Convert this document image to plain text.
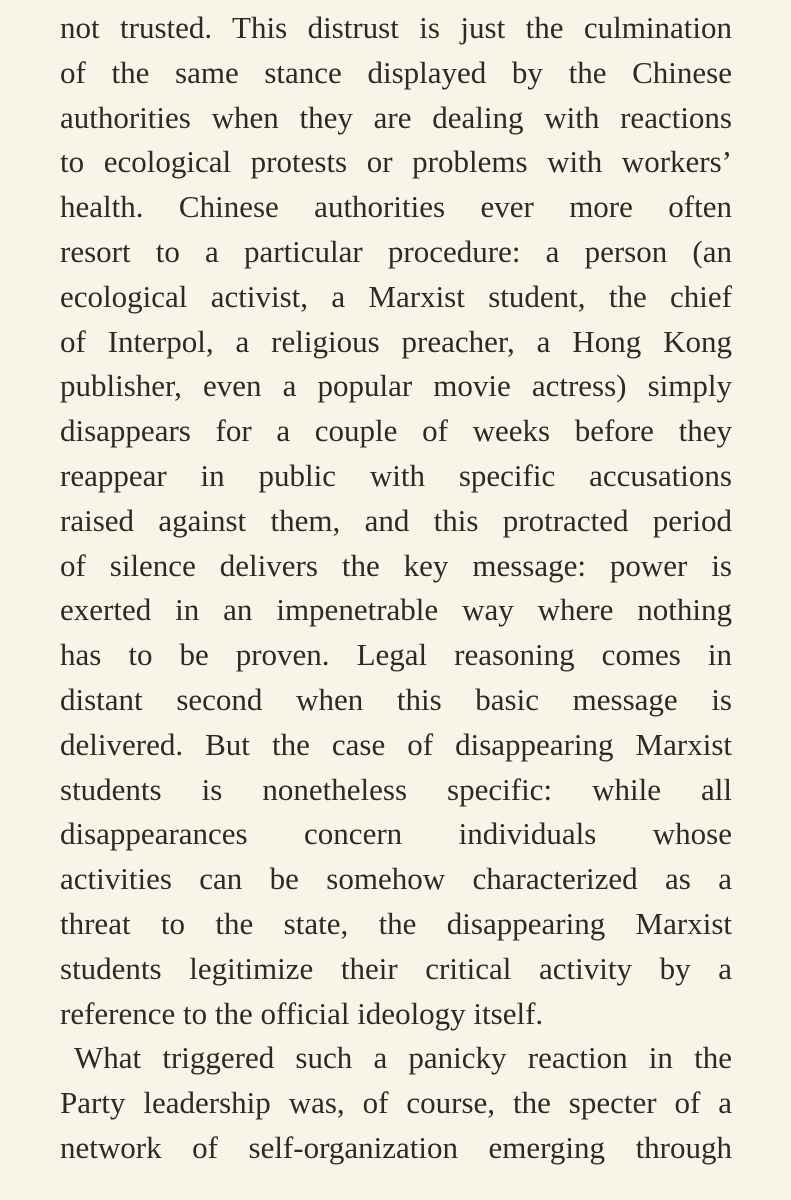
not trusted. This distrust is just the culmination
of the same stance displayed by the Chinese
authorities when they are dealing with reactions
to ecological protests or problems with workers’
health. Chinese authorities ever more often
resort to a particular procedure: a person (an
ecological activist, a Marxist student, the chief
of Interpol, a religious preacher, a Hong Kong
publisher, even a popular movie actress) simply
disappears for a couple of weeks before they
reappear in public with specific accusations
raised against them, and this protracted period
of silence delivers the key message: power is
exerted in an impenetrable way where nothing
has to be proven. Legal reasoning comes in
distant second when this basic message is
delivered. But the case of disappearing Marxist
students is nonetheless specific: while all
disappearances concern individuals whose
activities can be somehow characterized as a
threat to the state, the disappearing Marxist
students legitimize their critical activity by a
reference to the official ideology itself.
What triggered such a panicky reaction in the
Party leadership was, of course, the specter of a
network of self-organization emerging through
